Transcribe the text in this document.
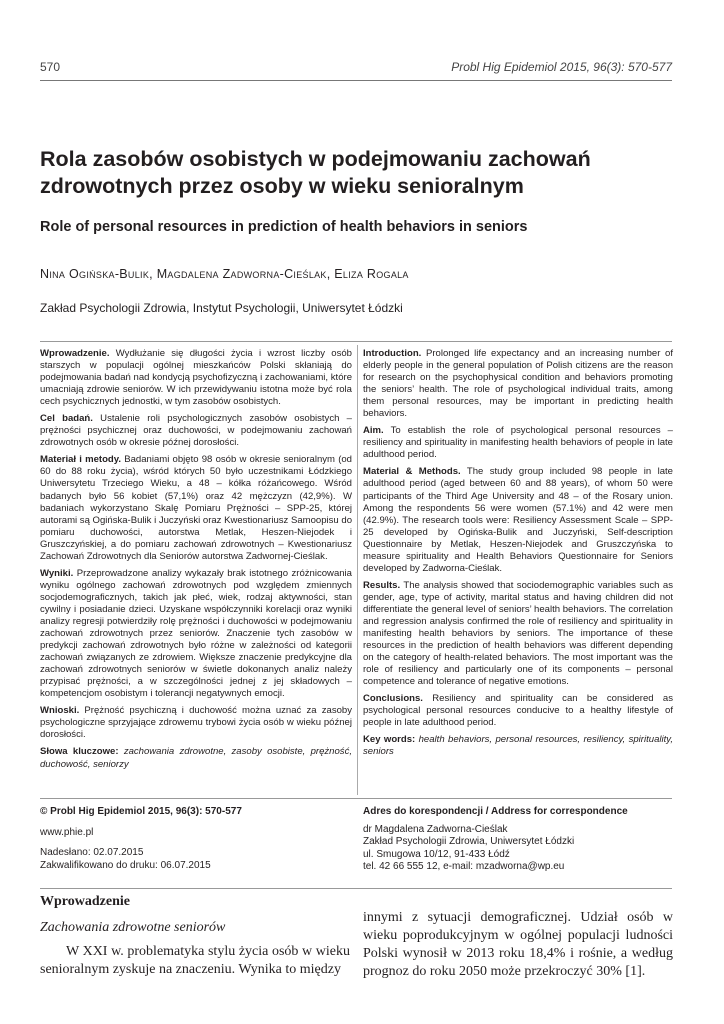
570	Probl Hig Epidemiol 2015, 96(3): 570-577
Rola zasobów osobistych w podejmowaniu zachowań zdrowotnych przez osoby w wieku senioralnym
Role of personal resources in prediction of health behaviors in seniors
Nina Ogińska-Bulik, Magdalena Zadworna-Cieślak, Eliza Rogala
Zakład Psychologii Zdrowia, Instytut Psychologii, Uniwersytet Łódzki

Wprowadzenie. Wydłużanie się długości życia i wzrost liczby osób starszych w populacji ogólnej mieszkańców Polski skłaniają do podejmowania badań nad kondycją psychofizyczną i zachowaniami, które umacniają zdrowie seniorów. W ich przewidywaniu istotna może być rola cech psychicznych jednostki, w tym zasobów osobistych.

Cel badań. Ustalenie roli psychologicznych zasobów osobistych – prężności psychicznej oraz duchowości, w podejmowaniu zachowań zdrowotnych osób w okresie późnej dorosłości.

Materiał i metody. Badaniami objęto 98 osób w okresie senioralnym (od 60 do 88 roku życia), wśród których 50 było uczestnikami Łódzkiego Uniwersytetu Trzeciego Wieku, a 48 – kółka różańcowego. Wśród badanych było 56 kobiet (57,1%) oraz 42 mężczyzn (42,9%). W badaniach wykorzystano Skalę Pomiaru Prężności – SPP-25, której autorami są Ogińska-Bulik i Juczyński oraz Kwestionariusz Samoopisu do pomiaru duchowości, autorstwa Metlak, Heszen-Niejodek i Gruszczyńskiej, a do pomiaru zachowań zdrowotnych – Kwestionariusz Zachowań Zdrowotnych dla Seniorów autorstwa Zadwornej-Cieślak.

Wyniki. Przeprowadzone analizy wykazały brak istotnego zróżnicowania wyniku ogólnego zachowań zdrowotnych pod względem zmiennych socjodemograficznych, takich jak płeć, wiek, rodzaj aktywności, stan cywilny i posiadanie dzieci. Uzyskane współczynniki korelacji oraz wyniki analizy regresji potwierdziły rolę prężności i duchowości w podejmowaniu zachowań zdrowotnych przez seniorów. Znaczenie tych zasobów w predykcji zachowań zdrowotnych było różne w zależności od kategorii zachowań związanych ze zdrowiem. Większe znaczenie predykcyjne dla zachowań zdrowotnych seniorów w świetle dokonanych analiz należy przypisać prężności, a w szczególności jednej z jej składowych – kompetencjom osobistym i tolerancji negatywnych emocji.

Wnioski. Prężność psychiczną i duchowość można uznać za zasoby psychologiczne sprzyjające zdrowemu trybowi życia osób w wieku późnej dorosłości.

Słowa kluczowe: zachowania zdrowotne, zasoby osobiste, prężność, duchowość, seniorzy

Introduction. Prolonged life expectancy and an increasing number of elderly people in the general population of Polish citizens are the reason for research on the psychophysical condition and behaviors promoting the seniors’ health. The role of psychological individual traits, among them personal resources, may be important in predicting health behaviors.

Aim. To establish the role of psychological personal resources – resiliency and spirituality in manifesting health behaviors of people in late adulthood period.

Material & Methods. The study group included 98 people in late adulthood period (aged between 60 and 88 years), of whom 50 were participants of the Third Age University and 48 – of the Rosary union. Among the respondents 56 were women (57.1%) and 42 were men (42.9%). The research tools were: Resiliency Assessment Scale – SPP-25 developed by Ogińska-Bulik and Juczyński, Self-description Questionnaire by Metlak, Heszen-Niejodek and Gruszczyńska to measure spirituality and Health Behaviors Questionnaire for Seniors developed by Zadworna-Cieślak.

Results. The analysis showed that sociodemographic variables such as gender, age, type of activity, marital status and having children did not differentiate the general level of seniors’ health behaviors. The correlation and regression analysis confirmed the role of resiliency and spirituality in manifesting health behaviors by seniors. The importance of these resources in the prediction of health behaviors was different depending on the category of health-related behaviors. The most important was the role of resiliency and particularly one of its components – personal competence and tolerance of negative emotions.

Conclusions. Resiliency and spirituality can be considered as psychological personal resources conducive to a healthy lifestyle of people in late adulthood period.

Key words: health behaviors, personal resources, resiliency, spirituality, seniors

© Probl Hig Epidemiol 2015, 96(3): 570-577
www.phie.pl
Nadesłano: 02.07.2015
Zakwalifikowano do druku: 06.07.2015
Adres do korespondencji / Address for correspondence
dr Magdalena Zadworna-Cieślak
Zakład Psychologii Zdrowia, Uniwersytet Łódzki
ul. Smugowa 10/12, 91-433 Łódź
tel. 42 66 555 12, e-mail: mzadworna@wp.eu
Wprowadzenie
Zachowania zdrowotne seniorów

W XXI w. problematyka stylu życia osób w wieku senioralnym zyskuje na znaczeniu. Wynika to między

innymi z sytuacji demograficznej. Udział osób w wieku poprodukcyjnym w ogólnej populacji ludności Polski wynosił w 2013 roku 18,4% i rośnie, a według prognoz do roku 2050 może przekroczyć 30% [1].
